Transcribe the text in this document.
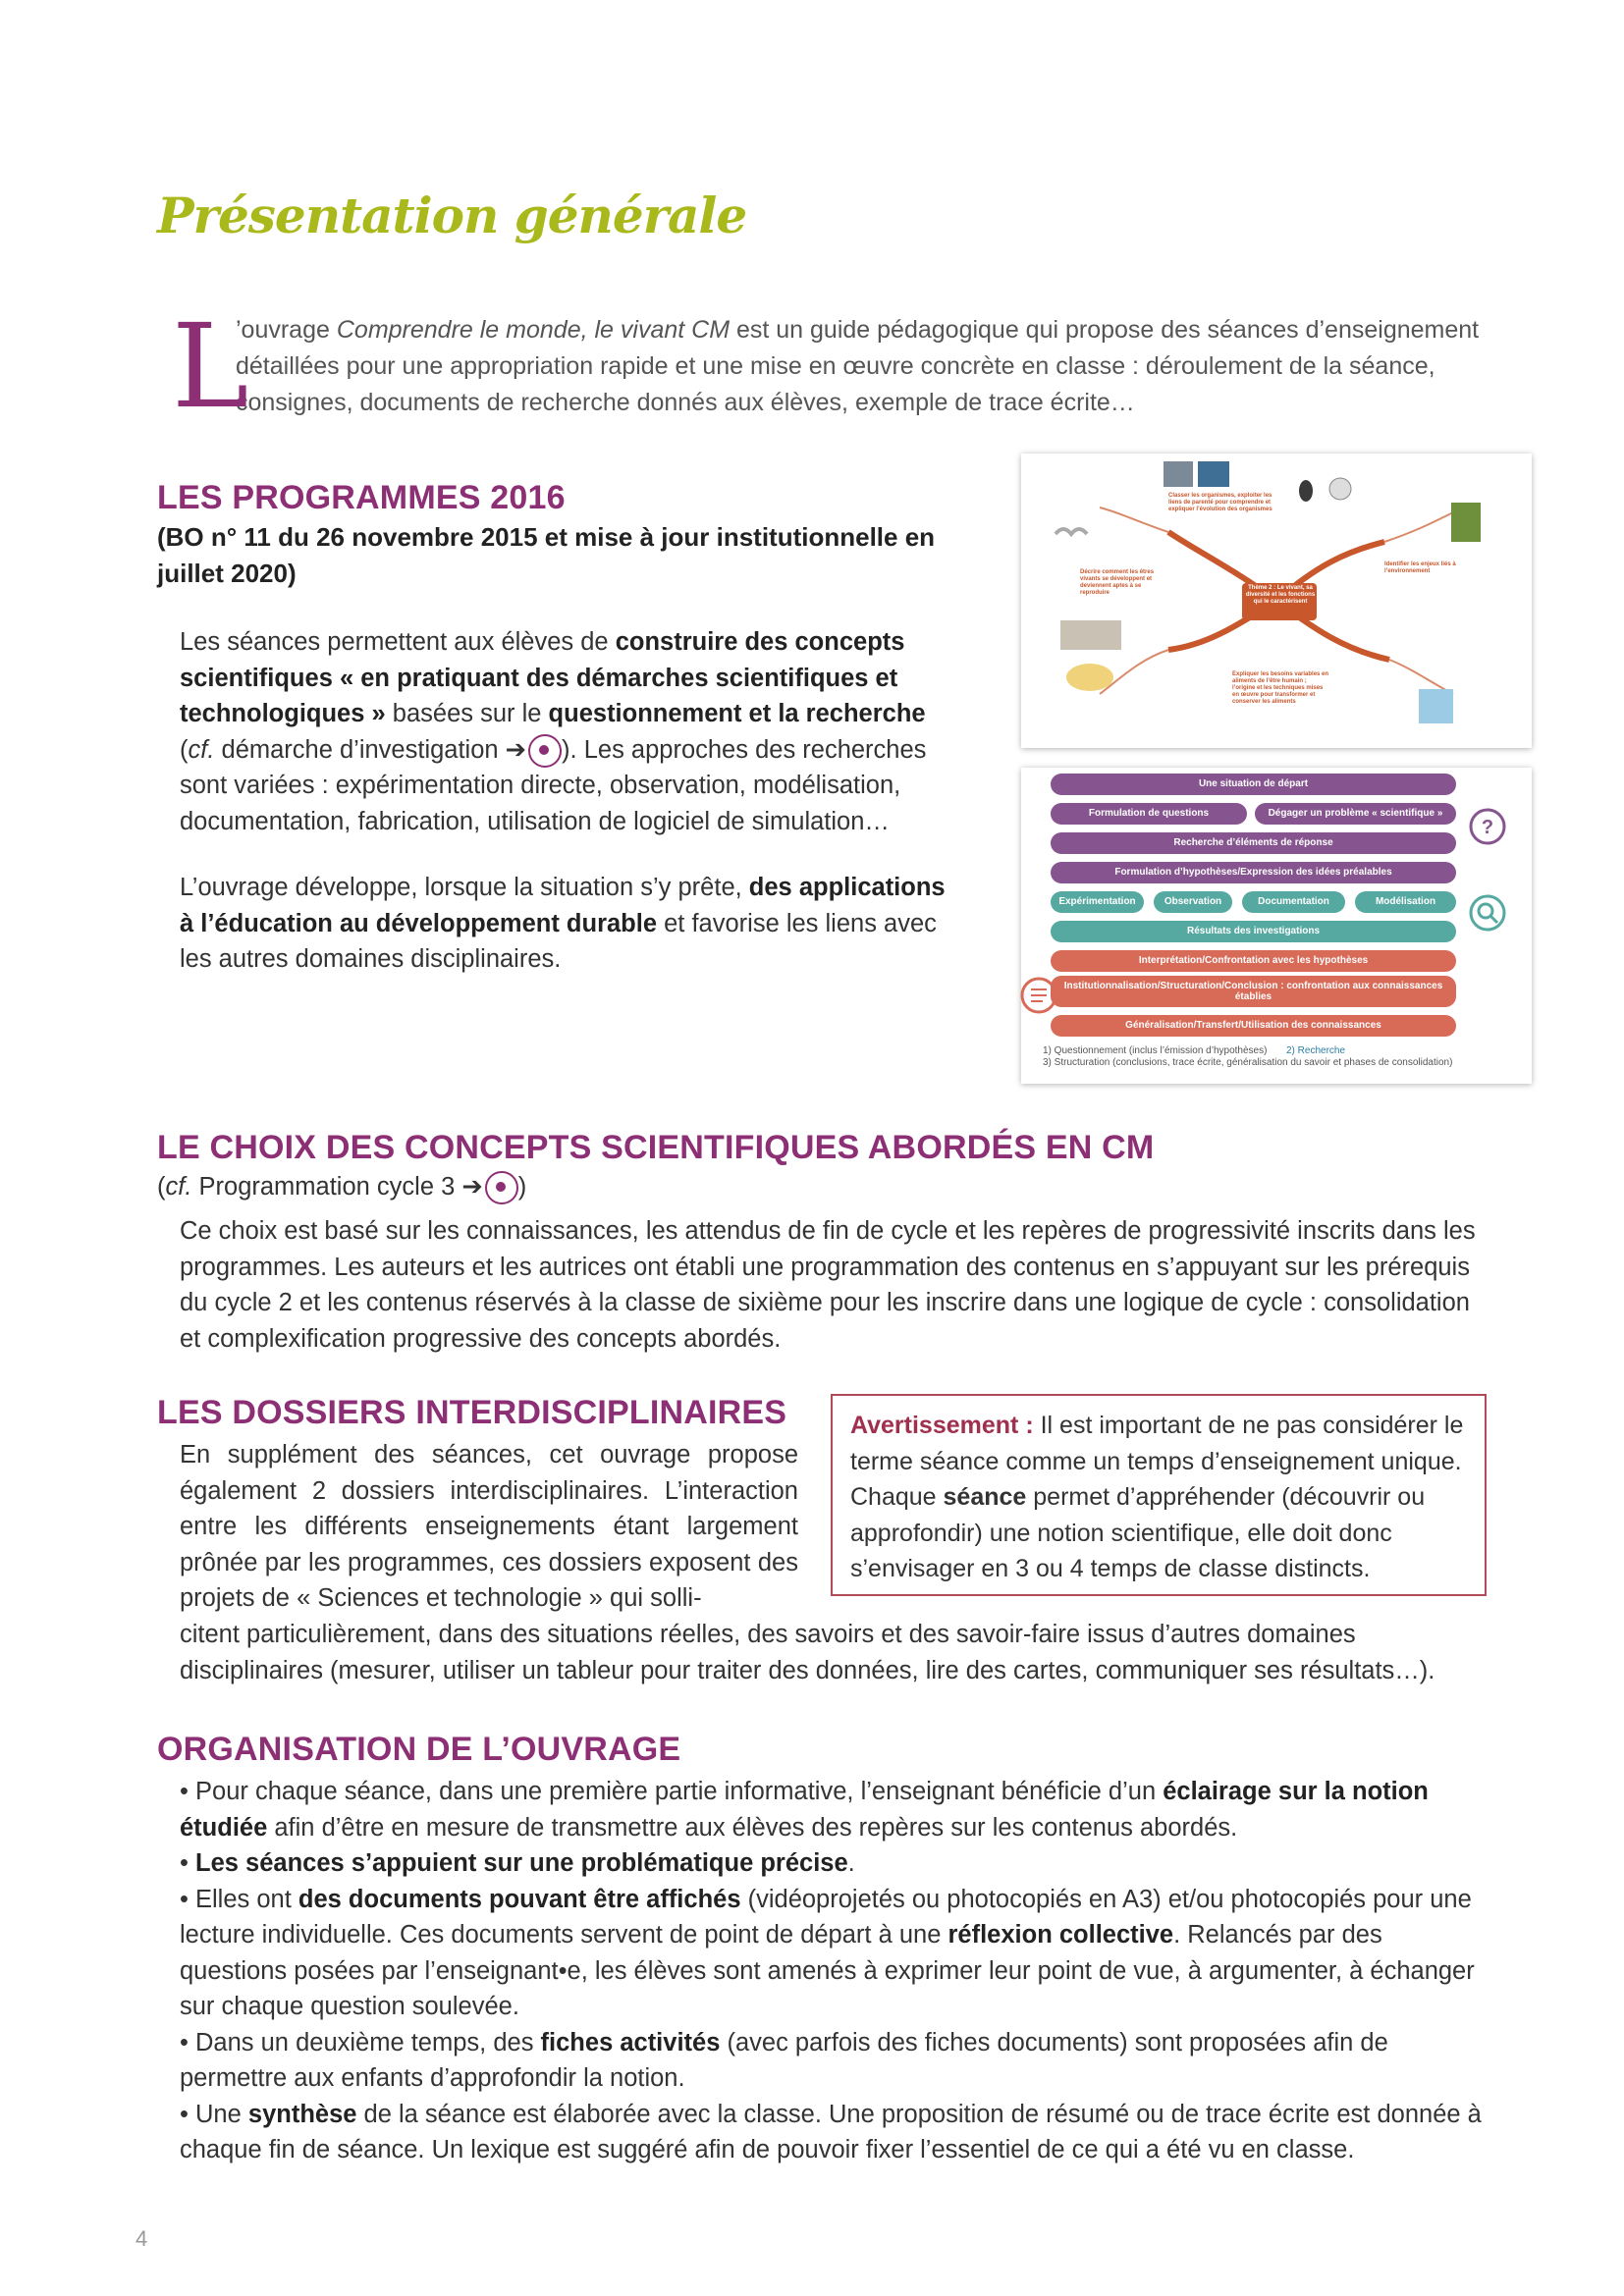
Présentation générale
L
’ouvrage Comprendre le monde, le vivant CM est un guide pédagogique qui propose des séances d’enseignement détaillées pour une appropriation rapide et une mise en œuvre concrète en classe : déroulement de la séance, consignes, documents de recherche donnés aux élèves, exemple de trace écrite…
LES PROGRAMMES 2016
(BO n° 11 du 26 novembre 2015 et mise à jour institutionnelle en juillet 2020)
Les séances permettent aux élèves de construire des concepts scientifiques « en pratiquant des démarches scientifiques et technologiques » basées sur le questionnement et la recherche (cf. démarche d’investigation ➔ ). Les approches des recherches sont variées : expérimentation directe, observation, modélisation, documentation, fabrication, utilisation de logiciel de simulation…
L’ouvrage développe, lorsque la situation s’y prête, des applications à l’éducation au développement durable et favorise les liens avec les autres domaines disciplinaires.
Thème 2 : Le vivant, sa diversité et les fonctions qui le caractérisent
Classer les organismes, exploiter les liens de parenté pour comprendre et expliquer l’évolution des organismes
Identifier les enjeux liés à l’environnement
Expliquer les besoins variables en aliments de l’être humain ; l’origine et les techniques mises en œuvre pour transformer et conserver les aliments
Décrire comment les êtres vivants se développent et deviennent aptes à se reproduire
Une situation de départ
Formulation de questions	Dégager un problème « scientifique »
Recherche d’éléments de réponse
Formulation d’hypothèses/Expression des idées préalables
Expérimentation	Observation	Documentation	Modélisation
Résultats des investigations
Interprétation/Confrontation avec les hypothèses
Institutionnalisation/Structuration/Conclusion : confrontation aux connaissances établies
Généralisation/Transfert/Utilisation des connaissances
?
1) Questionnement (inclus l’émission d’hypothèses) 2) Recherche
3) Structuration (conclusions, trace écrite, généralisation du savoir et phases de consolidation)
LE CHOIX DES CONCEPTS SCIENTIFIQUES ABORDÉS EN CM
(cf. Programmation cycle 3 ➔ )
Ce choix est basé sur les connaissances, les attendus de fin de cycle et les repères de progressivité inscrits dans les programmes. Les auteurs et les autrices ont établi une programmation des contenus en s’appuyant sur les prérequis du cycle 2 et les contenus réservés à la classe de sixième pour les inscrire dans une logique de cycle : consolidation et complexification progressive des concepts abordés.
LES DOSSIERS INTERDISCIPLINAIRES
En supplément des séances, cet ouvrage propose également 2 dossiers interdisciplinaires. L’interaction entre les différents enseignements étant largement prônée par les programmes, ces dossiers exposent des projets de « Sciences et technologie » qui solli-
citent particulièrement, dans des situations réelles, des savoirs et des savoir-faire issus d’autres domaines disciplinaires (mesurer, utiliser un tableur pour traiter des données, lire des cartes, communiquer ses résultats…).
Avertissement : Il est important de ne pas considérer le terme séance comme un temps d’enseignement unique. Chaque séance permet d’appréhender (découvrir ou approfondir) une notion scientifique, elle doit donc s’envisager en 3 ou 4 temps de classe distincts.
ORGANISATION DE L’OUVRAGE
• Pour chaque séance, dans une première partie informative, l’enseignant bénéficie d’un éclairage sur la notion étudiée afin d’être en mesure de transmettre aux élèves des repères sur les contenus abordés.
• Les séances s’appuient sur une problématique précise.
• Elles ont des documents pouvant être affichés (vidéoprojetés ou photocopiés en A3) et/ou photocopiés pour une lecture individuelle. Ces documents servent de point de départ à une réflexion collective. Relancés par des questions posées par l’enseignant•e, les élèves sont amenés à exprimer leur point de vue, à argumenter, à échanger sur chaque question soulevée.
• Dans un deuxième temps, des fiches activités (avec parfois des fiches documents) sont proposées afin de permettre aux enfants d’approfondir la notion.
• Une synthèse de la séance est élaborée avec la classe. Une proposition de résumé ou de trace écrite est donnée à chaque fin de séance. Un lexique est suggéré afin de pouvoir fixer l’essentiel de ce qui a été vu en classe.
4
